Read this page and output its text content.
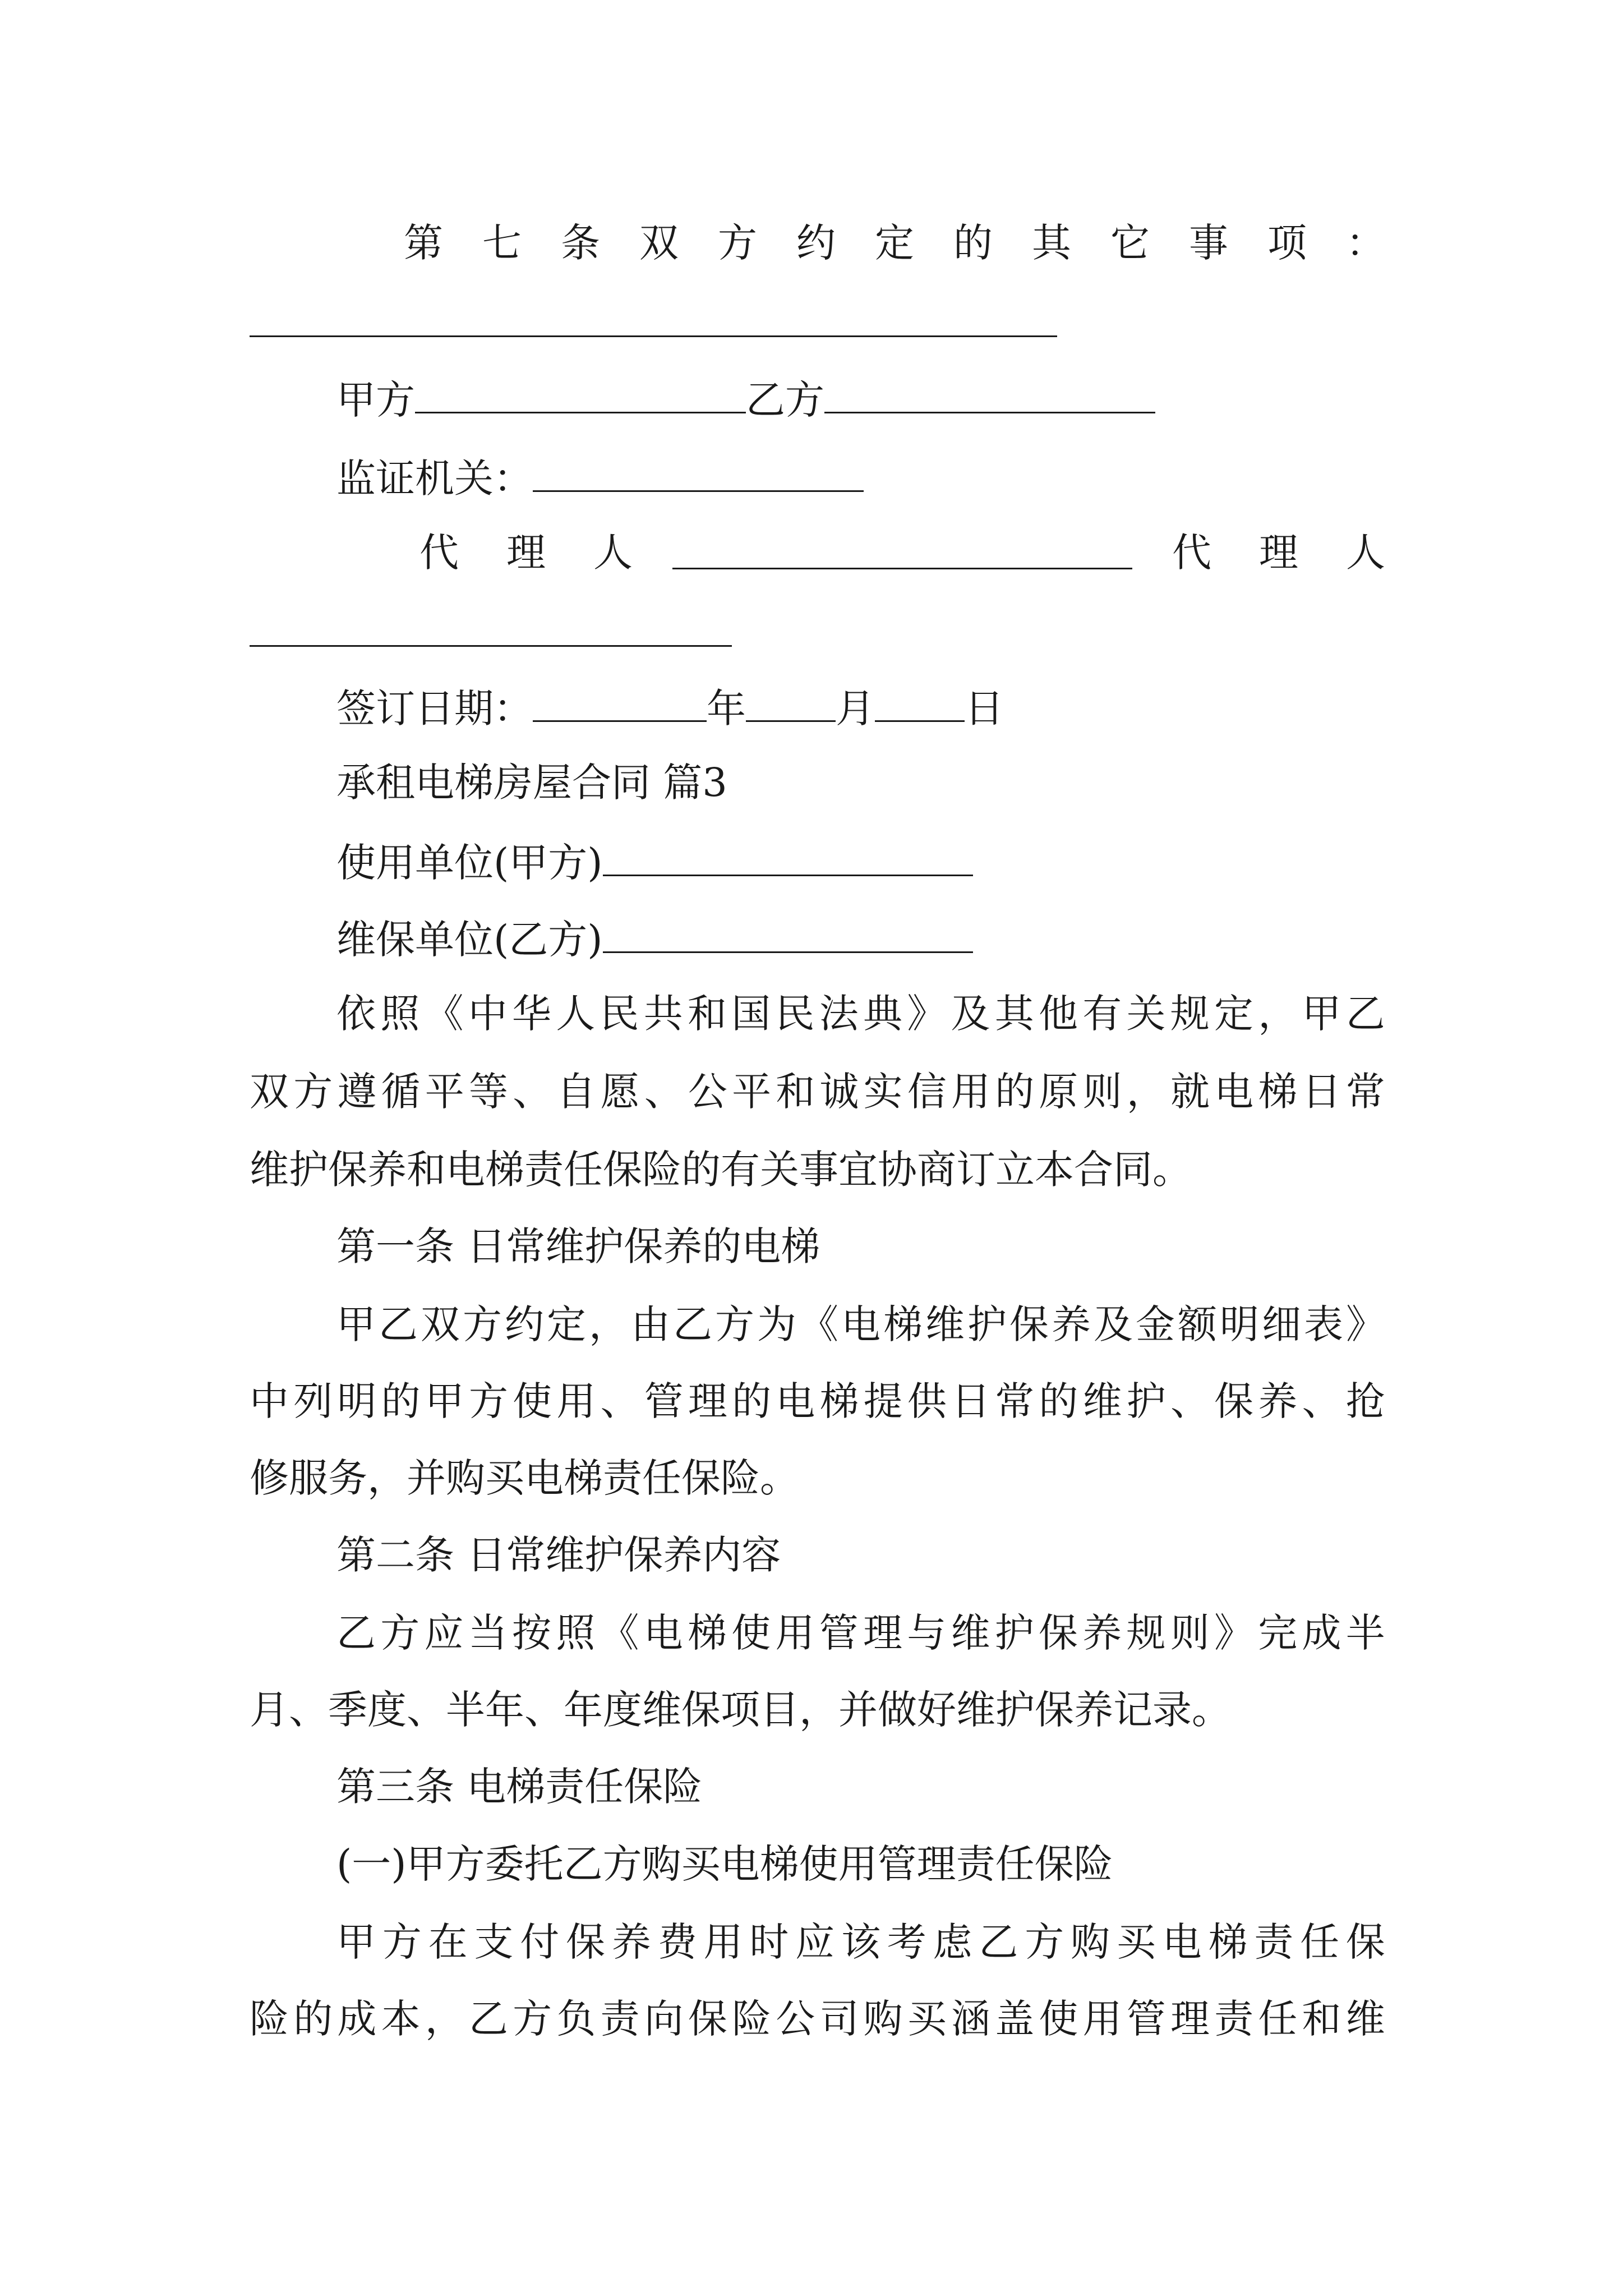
第 七 条 双 方 约 定 的 其 它 事 项 ：
甲方	乙方
监证机关：
代 理 人	代 理 人
签订日期：	年 月 日
承租电梯房屋合同 篇3
使用单位(甲方)
维保单位(乙方)
依 照 《 中 华 人 民 共 和 国 民 法 典 》 及 其 他 有 关 规 定 ， 甲 乙
双 方 遵 循 平 等 、 自 愿 、 公 平 和 诚 实 信 用 的 原 则 ， 就 电 梯 日 常
维护保养和电梯责任保险的有关事宜协商订立本合同。
第一条 日常维护保养的电梯
甲 乙 双 方 约 定 ， 由 乙 方 为 《 电 梯 维 护 保 养 及 金 额 明 细 表 》
中 列 明 的 甲 方 使 用 、 管 理 的 电 梯 提 供 日 常 的 维 护 、 保 养 、 抢
修服务，并购买电梯责任保险。
第二条 日常维护保养内容
乙 方 应 当 按 照 《 电 梯 使 用 管 理 与 维 护 保 养 规 则 》 完 成 半
月、季度、半年、年度维保项目，并做好维护保养记录。
第三条 电梯责任保险
(一)甲方委托乙方购买电梯使用管理责任保险
甲 方 在 支 付 保 养 费 用 时 应 该 考 虑 乙 方 购 买 电 梯 责 任 保
险 的 成 本 ， 乙 方 负 责 向 保 险 公 司 购 买 涵 盖 使 用 管 理 责 任 和 维
